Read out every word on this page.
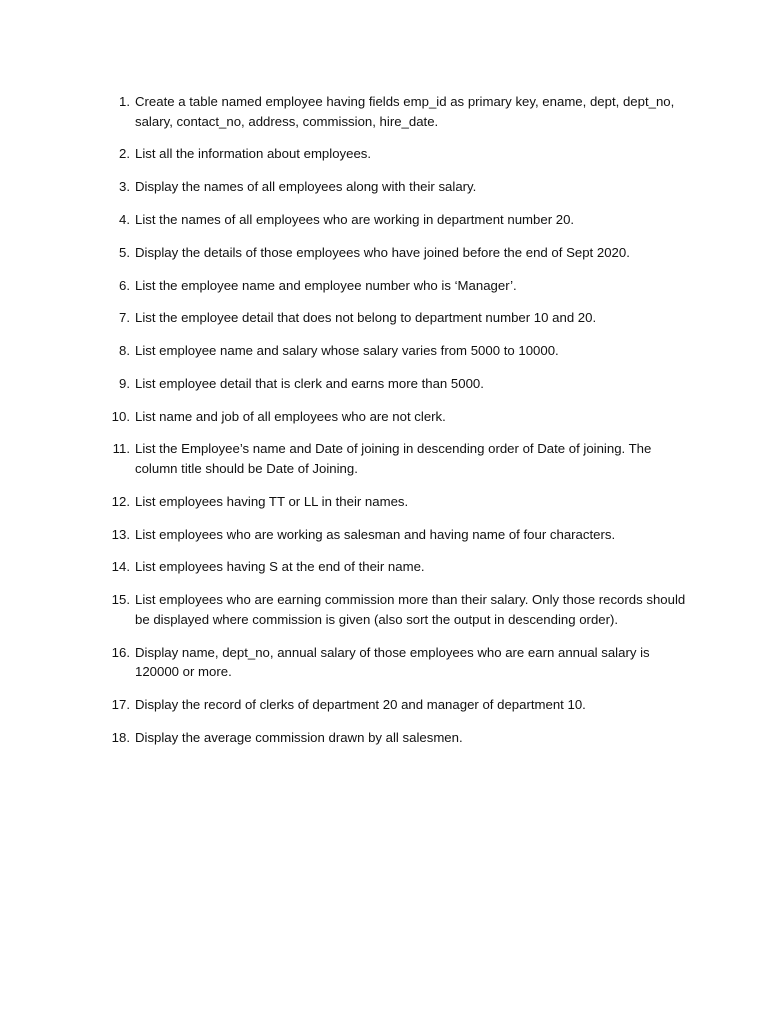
1. Create a table named employee having fields emp_id as primary key, ename, dept, dept_no, salary, contact_no, address, commission, hire_date.
2. List all the information about employees.
3. Display the names of all employees along with their salary.
4. List the names of all employees who are working in department number 20.
5. Display the details of those employees who have joined before the end of Sept 2020.
6. List the employee name and employee number who is ‘Manager’.
7. List the employee detail that does not belong to department number 10 and 20.
8. List employee name and salary whose salary varies from 5000 to 10000.
9. List employee detail that is clerk and earns more than 5000.
10. List name and job of all employees who are not clerk.
11. List the Employee’s name and Date of joining in descending order of Date of joining. The column title should be Date of Joining.
12. List employees having TT or LL in their names.
13. List employees who are working as salesman and having name of four characters.
14. List employees having S at the end of their name.
15. List employees who are earning commission more than their salary. Only those records should be displayed where commission is given (also sort the output in descending order).
16. Display name, dept_no, annual salary of those employees who are earn annual salary is 120000 or more.
17. Display the record of clerks of department 20 and manager of department 10.
18. Display the average commission drawn by all salesmen.
